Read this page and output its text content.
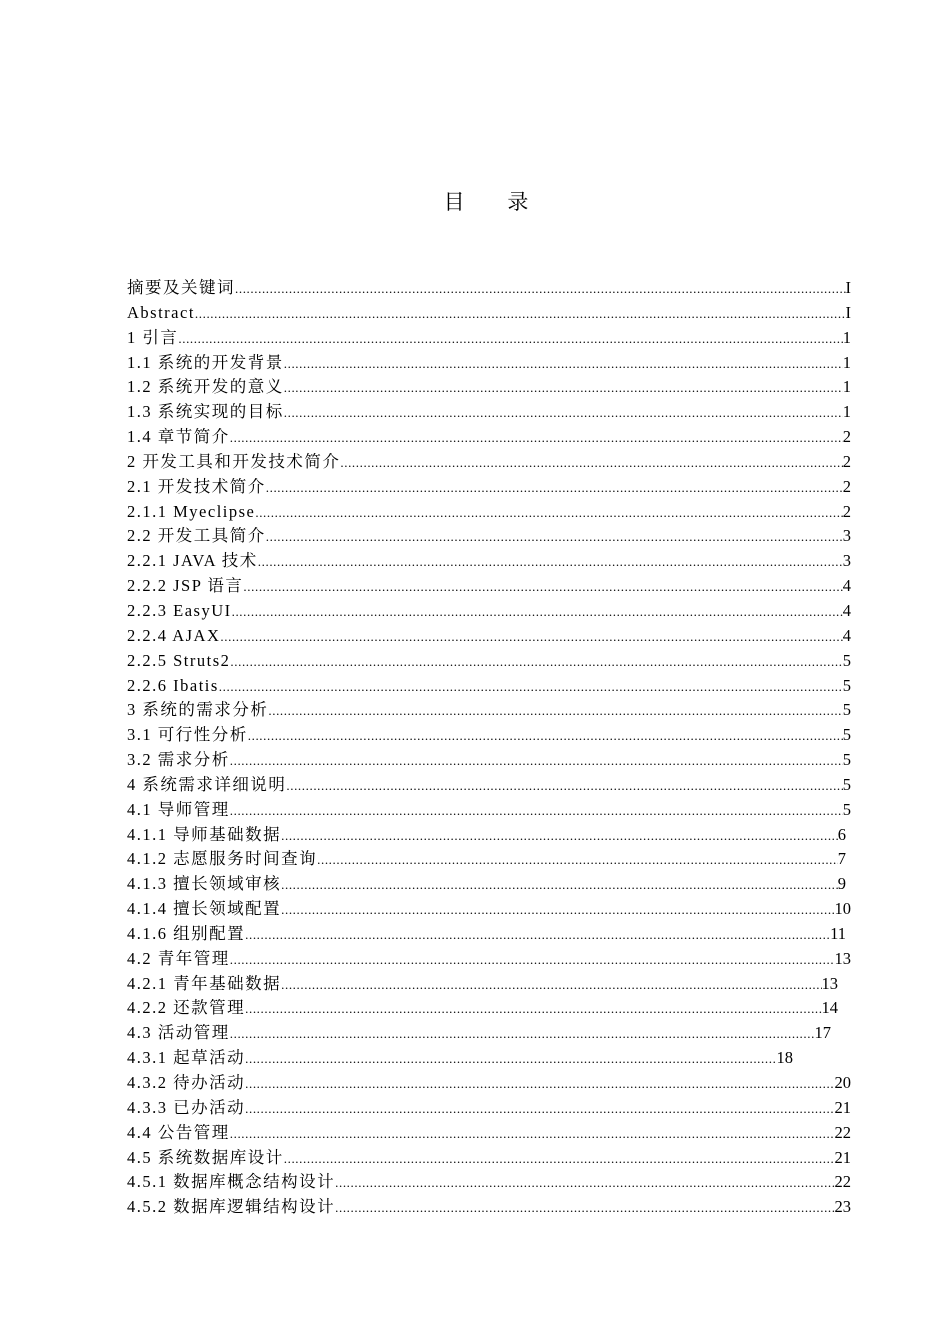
目 录
摘要及关键词 .....	I
Abstract .....	I
1 引言 .....	1
1.1 系统的开发背景 .....	1
1.2 系统开发的意义 .....	1
1.3 系统实现的目标 .....	1
1.4 章节简介 .....	2
2 开发工具和开发技术简介 .....	2
2.1 开发技术简介 .....	2
2.1.1 Myeclipse .....	2
2.2 开发工具简介 .....	3
2.2.1 JAVA 技术 .....	3
2.2.2 JSP 语言 .....	4
2.2.3 EasyUI .....	4
2.2.4 AJAX .....	4
2.2.5 Struts2 .....	5
2.2.6 Ibatis .....	5
3 系统的需求分析 .....	5
3.1 可行性分析 .....	5
3.2 需求分析 .....	5
4 系统需求详细说明 .....	5
4.1 导师管理 .....	5
4.1.1 导师基础数据 .....	6
4.1.2 志愿服务时间查询 .....	7
4.1.3 擅长领域审核 .....	9
4.1.4 擅长领域配置 .....	10
4.1.6 组别配置 .....	11
4.2 青年管理 .....	13
4.2.1 青年基础数据 .....	13
4.2.2 还款管理 .....	14
4.3 活动管理 .....	17
4.3.1 起草活动 .....	18
4.3.2 待办活动 .....	20
4.3.3 已办活动 .....	21
4.4 公告管理 .....	22
4.5 系统数据库设计 .....	21
4.5.1 数据库概念结构设计 .....	22
4.5.2 数据库逻辑结构设计 .....	23
